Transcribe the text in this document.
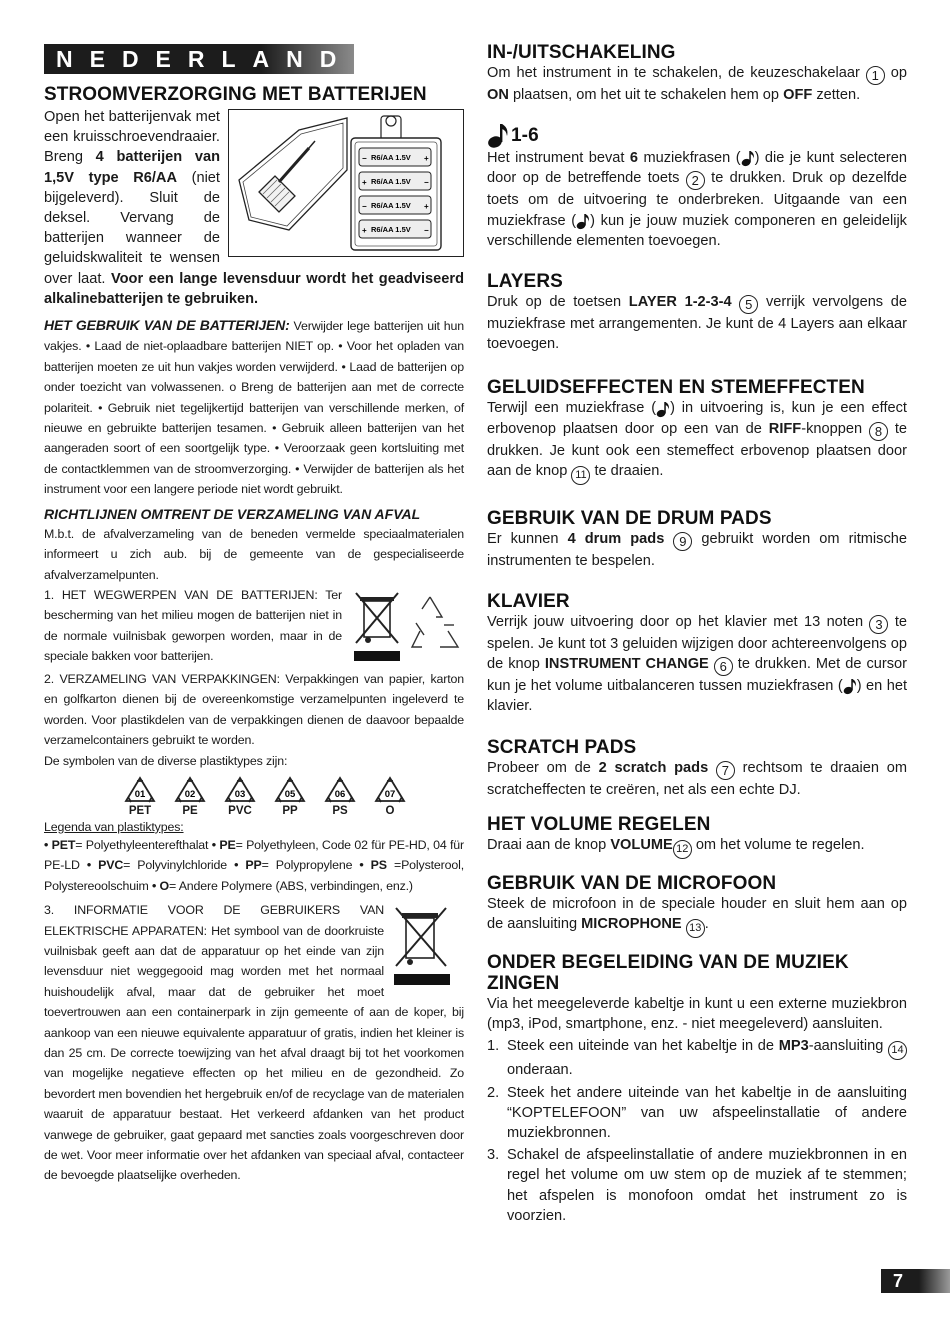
NEDERLANDS
STROOMVERZORGING MET BATTERIJEN
−	+
+	−
−	+
+	−
R6/AA 1.5V
R6/AA 1.5V
R6/AA 1.5V
R6/AA 1.5V
Open het batterijenvak met een kruisschroevendraaier. Breng 4 batterijen van 1,5V type R6/AA (niet bijgeleverd). Sluit de deksel. Vervang de batterijen wanneer de geluidskwaliteit te wensen over laat. Voor een lange levensduur wordt het geadviseerd alkalinebatterijen te gebruiken.
HET GEBRUIK VAN DE BATTERIJEN: Verwijder lege batterijen uit hun vakjes. • Laad de niet-oplaadbare batterijen NIET op. • Voor het opladen van batterijen moeten ze uit hun vakjes worden verwijderd. • Laad de batterijen op onder toezicht van volwassenen. o Breng de batterijen aan met de correcte polariteit. • Gebruik niet tegelijkertijd batterijen van verschillende merken, of nieuwe en gebruikte batterijen tesamen. • Gebruik alleen batterijen van het aangeraden soort of een soortgelijk type. • Veroorzaak geen kortsluiting met de contactklemmen van de stroomverzorging. • Verwijder de batterijen als het instrument voor een langere periode niet wordt gebruikt.
RICHTLIJNEN OMTRENT DE VERZAMELING VAN AFVAL
M.b.t. de afvalverzameling van de beneden vermelde speciaalmaterialen informeert u zich aub. bij de gemeente van de gespecialiseerde afvalverzamelpunten.
1. HET WEGWERPEN VAN DE BATTERIJEN: Ter bescherming van het milieu mogen de batterijen niet in de normale vuilnisbak geworpen worden, maar in de speciale bakken voor batterijen.
2. VERZAMELING VAN VERPAKKINGEN: Verpakkingen van papier, karton en golfkarton dienen bij de overeenkomstige verzamelpunten ingeleverd te worden. Voor plastikdelen van de verpakkingen dienen de daavoor bepaalde verzamelcontainers gebruikt te worden.
De symbolen van de diverse plastiktypes zijn:
01
PET
02
PE
03
PVC
05
PP
06
PS
07
O
Legenda van plastiktypes:
• PET= Polyethyleenterefthalat • PE= Polyethyleen, Code 02 für PE-HD, 04 für PE-LD • PVC= Polyvinylchloride • PP= Polypropylene • PS =Polysterool, Polystereoolschuim • O= Andere Polymere (ABS, verbindingen, enz.)
3. INFORMATIE VOOR DE GEBRUIKERS VAN ELEKTRISCHE APPARATEN: Het symbool van de doorkruiste vuilnisbak geeft aan dat de apparatuur op het einde van zijn levensduur niet weggegooid mag worden met het normaal huishoudelijk afval, maar dat de gebruiker het moet toevertrouwen aan een containerpark in zijn gemeente of aan de koper, bij aankoop van een nieuwe equivalente apparatuur of gratis, indien het kleiner is dan 25 cm. De correcte toewijzing van het afval draagt bij tot het voorkomen van mogelijke negatieve effecten op het milieu en de gezondheid. Zo bevordert men bovendien het hergebruik en/of de recyclage van de materialen waaruit de apparatuur bestaat. Het verkeerd afdanken van het product vanwege de gebruiker, gaat gepaard met sancties zoals voorgeschreven door de wet. Voor meer informatie over het afdanken van speciaal afval, contacteer de bevoegde plaatselijke overheden.
IN-/UITSCHAKELING
Om het instrument in te schakelen, de keuzeschakelaar 1 op ON plaatsen, om het uit te schakelen hem op OFF zetten.
1-6
Het instrument bevat 6 muziekfrasen ( ) die je kunt selecteren door op de betreffende toets 2 te drukken. Druk op dezelfde toets om de uitvoering te onderbreken. Uitgaande van een muziekfrase ( ) kun je jouw muziek componeren en geleidelijk verschillende elementen toevoegen.
LAYERS
Druk op de toetsen LAYER 1-2-3-4 5 verrijk vervolgens de muziekfrase met arrangementen. Je kunt de 4 Layers aan elkaar toevoegen.
GELUIDSEFFECTEN EN STEMEFFECTEN
Terwijl een muziekfrase ( ) in uitvoering is, kun je een effect erbovenop plaatsen door op een van de RIFF-knoppen 8 te drukken. Je kunt ook een stemeffect erbovenop plaatsen door aan de knop 11 te draaien.
GEBRUIK VAN DE DRUM PADS
Er kunnen 4 drum pads 9 gebruikt worden om ritmische instrumenten te bespelen.
KLAVIER
Verrijk jouw uitvoering door op het klavier met 13 noten 3 te spelen. Je kunt tot 3 geluiden wijzigen door achtereenvolgens op de knop INSTRUMENT CHANGE 6 te drukken. Met de cursor kun je het volume uitbalanceren tussen muziekfrasen ( ) en het klavier.
SCRATCH PADS
Probeer om de 2 scratch pads 7 rechtsom te draaien om scratcheffecten te creëren, net als een echte DJ.
HET VOLUME REGELEN
Draai aan de knop VOLUME 12 om het volume te regelen.
GEBRUIK VAN DE MICROFOON
Steek de microfoon in de speciale houder en sluit hem aan op de aansluiting MICROPHONE 13 .
ONDER BEGELEIDING VAN DE MUZIEK ZINGEN
Via het meegeleverde kabeltje in kunt u een externe muziekbron (mp3, iPod, smartphone, enz. - niet meegeleverd) aansluiten.
1. Steek een uiteinde van het kabeltje in de MP3-aansluiting 14 onderaan.
2. Steek het andere uiteinde van het kabeltje in de aansluiting “KOPTELEFOON” van uw afspeelinstallatie of andere muziekbronnen.
3. Schakel de afspeelinstallatie of andere muziekbronnen in en regel het volume om uw stem op de muziek af te stemmen; het afspelen is monofoon omdat het instrument zo is voorzien.
7
